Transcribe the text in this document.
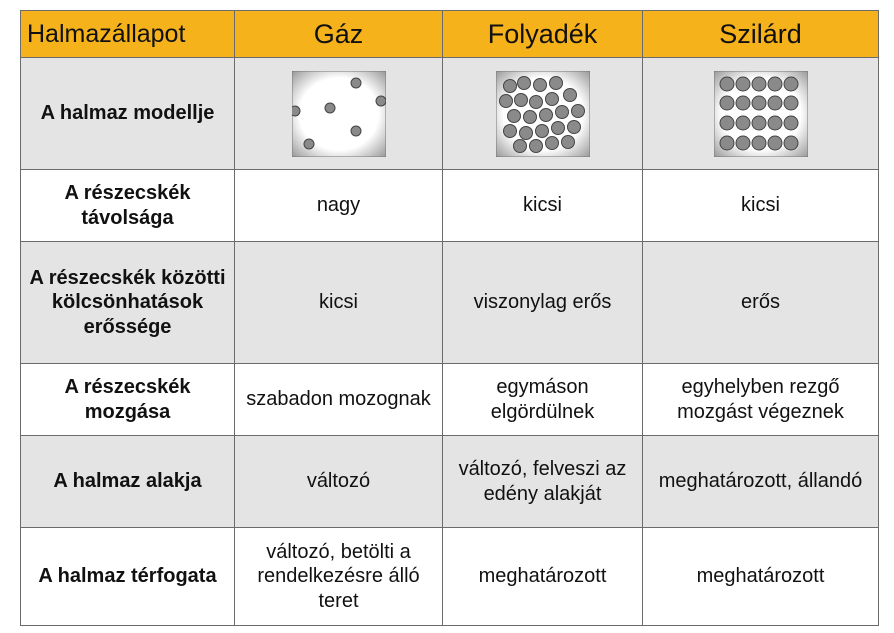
Halmazállapot	Gáz	Folyadék	Szilárd
A halmaz modellje	

A részecskék távolsága	nagy	kicsi	kicsi
A részecskék közötti kölcsönhatások erőssége	kicsi	viszonylag erős	erős
A részecskék mozgása	szabadon mozognak	egymáson elgördülnek	egyhelyben rezgő mozgást végeznek
A halmaz alakja	változó	változó, felveszi az edény alakját	meghatározott, állandó
A halmaz térfogata	változó, betölti a rendelkezésre álló teret	meghatározott	meghatározott
